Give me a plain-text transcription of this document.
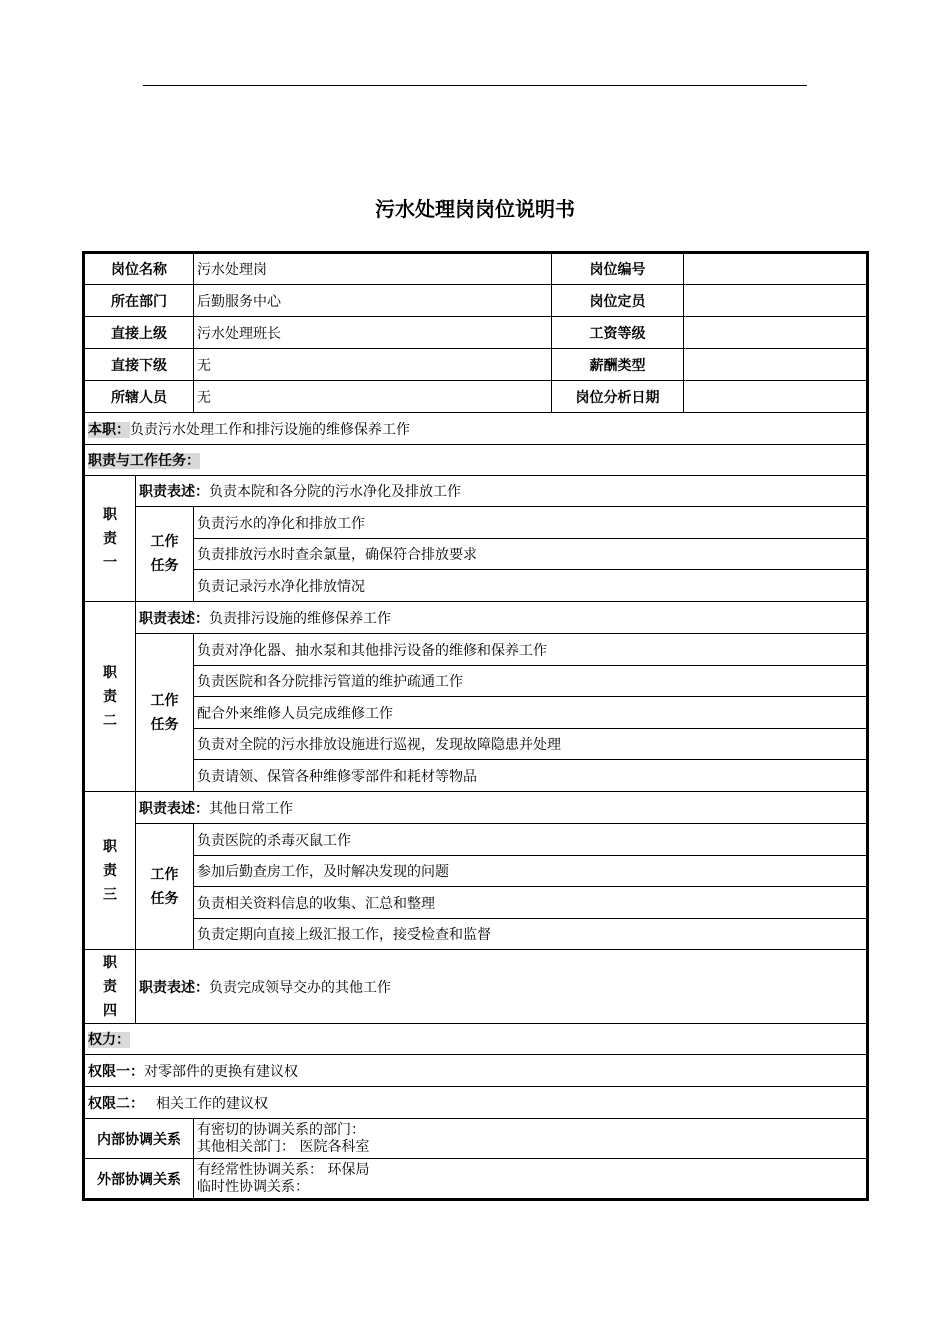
污水处理岗岗位说明书
岗位名称		污水处理岗	岗位编号	
所在部门		后勤服务中心	岗位定员	
直接上级		污水处理班长	工资等级	
直接下级		无	薪酬类型	
所辖人员		无	岗位分析日期	
本职：负责污水处理工作和排污设施的维修保养工作				
职责与工作任务：				

职
责
一	职责表述：负责本院和各分院的污水净化及排放工作			

	工作
任务	负责污水的净化和排放工作		
		负责排放污水时查余氯量，确保符合排放要求		
		负责记录污水净化排放情况		

职
责
二	职责表述：负责排污设施的维修保养工作			

	工作
任务	负责对净化器、抽水泵和其他排污设备的维修和保养工作		
		负责医院和各分院排污管道的维护疏通工作		
		配合外来维修人员完成维修工作		
		负责对全院的污水排放设施进行巡视，发现故障隐患并处理		
		负责请领、保管各种维修零部件和耗材等物品		

职
责
三	职责表述：其他日常工作			

	工作
任务	负责医院的杀毒灭鼠工作		
		参加后勤查房工作，及时解决发现的问题		
		负责相关资料信息的收集、汇总和整理		
		负责定期向直接上级汇报工作，接受检查和监督		

职
责
四	职责表述：负责完成领导交办的其他工作			
权力：				
权限一：对零部件的更换有建议权				
权限二： 相关工作的建议权				
内部协调关系		有密切的协调关系的部门：
其他相关部门： 医院各科室		

外部协调关系		有经常性协调关系： 环保局
临时性协调关系：		
